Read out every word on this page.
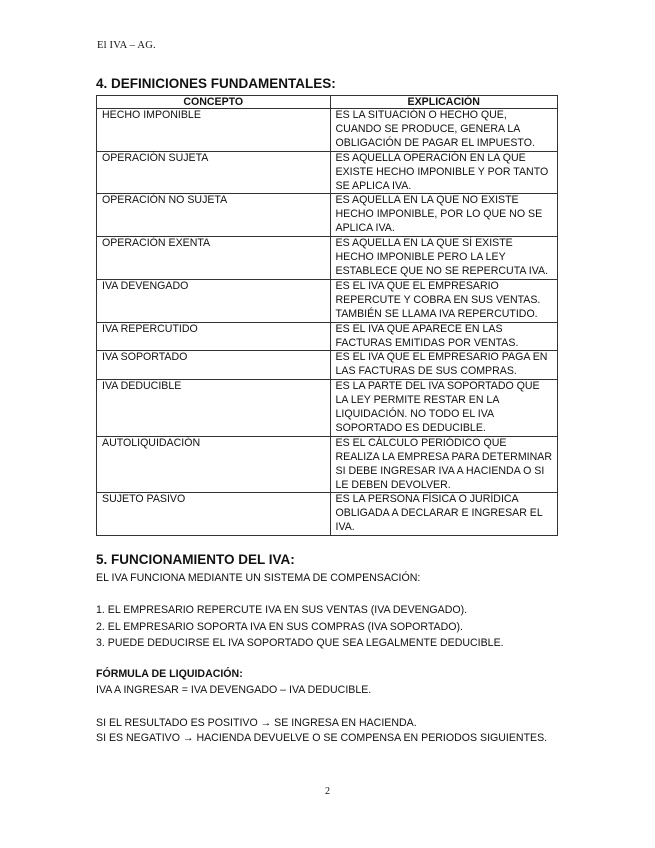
El IVA – AG.
4. DEFINICIONES FUNDAMENTALES:
CONCEPTO	EXPLICACIÓN
HECHO IMPONIBLE	ES LA SITUACIÓN O HECHO QUE, CUANDO SE PRODUCE, GENERA LA OBLIGACIÓN DE PAGAR EL IMPUESTO.
OPERACIÓN SUJETA	ES AQUELLA OPERACIÓN EN LA QUE EXISTE HECHO IMPONIBLE Y POR TANTO SE APLICA IVA.
OPERACIÓN NO SUJETA	ES AQUELLA EN LA QUE NO EXISTE HECHO IMPONIBLE, POR LO QUE NO SE APLICA IVA.
OPERACIÓN EXENTA	ES AQUELLA EN LA QUE SÍ EXISTE HECHO IMPONIBLE PERO LA LEY ESTABLECE QUE NO SE REPERCUTA IVA.
IVA DEVENGADO	ES EL IVA QUE EL EMPRESARIO REPERCUTE Y COBRA EN SUS VENTAS. TAMBIÉN SE LLAMA IVA REPERCUTIDO.
IVA REPERCUTIDO	ES EL IVA QUE APARECE EN LAS FACTURAS EMITIDAS POR VENTAS.
IVA SOPORTADO	ES EL IVA QUE EL EMPRESARIO PAGA EN LAS FACTURAS DE SUS COMPRAS.
IVA DEDUCIBLE	ES LA PARTE DEL IVA SOPORTADO QUE LA LEY PERMITE RESTAR EN LA LIQUIDACIÓN. NO TODO EL IVA SOPORTADO ES DEDUCIBLE.
AUTOLIQUIDACIÓN	ES EL CÁLCULO PERIÓDICO QUE REALIZA LA EMPRESA PARA DETERMINAR SI DEBE INGRESAR IVA A HACIENDA O SI LE DEBEN DEVOLVER.
SUJETO PASIVO	ES LA PERSONA FÍSICA O JURÍDICA OBLIGADA A DECLARAR E INGRESAR EL IVA.
5. FUNCIONAMIENTO DEL IVA:

EL IVA FUNCIONA MEDIANTE UN SISTEMA DE COMPENSACIÓN:

1. EL EMPRESARIO REPERCUTE IVA EN SUS VENTAS (IVA DEVENGADO).

2. EL EMPRESARIO SOPORTA IVA EN SUS COMPRAS (IVA SOPORTADO).

3. PUEDE DEDUCIRSE EL IVA SOPORTADO QUE SEA LEGALMENTE DEDUCIBLE.

FÓRMULA DE LIQUIDACIÓN:

IVA A INGRESAR = IVA DEVENGADO – IVA DEDUCIBLE.

SI EL RESULTADO ES POSITIVO → SE INGRESA EN HACIENDA.

SI ES NEGATIVO → HACIENDA DEVUELVE O SE COMPENSA EN PERIODOS SIGUIENTES.

2
